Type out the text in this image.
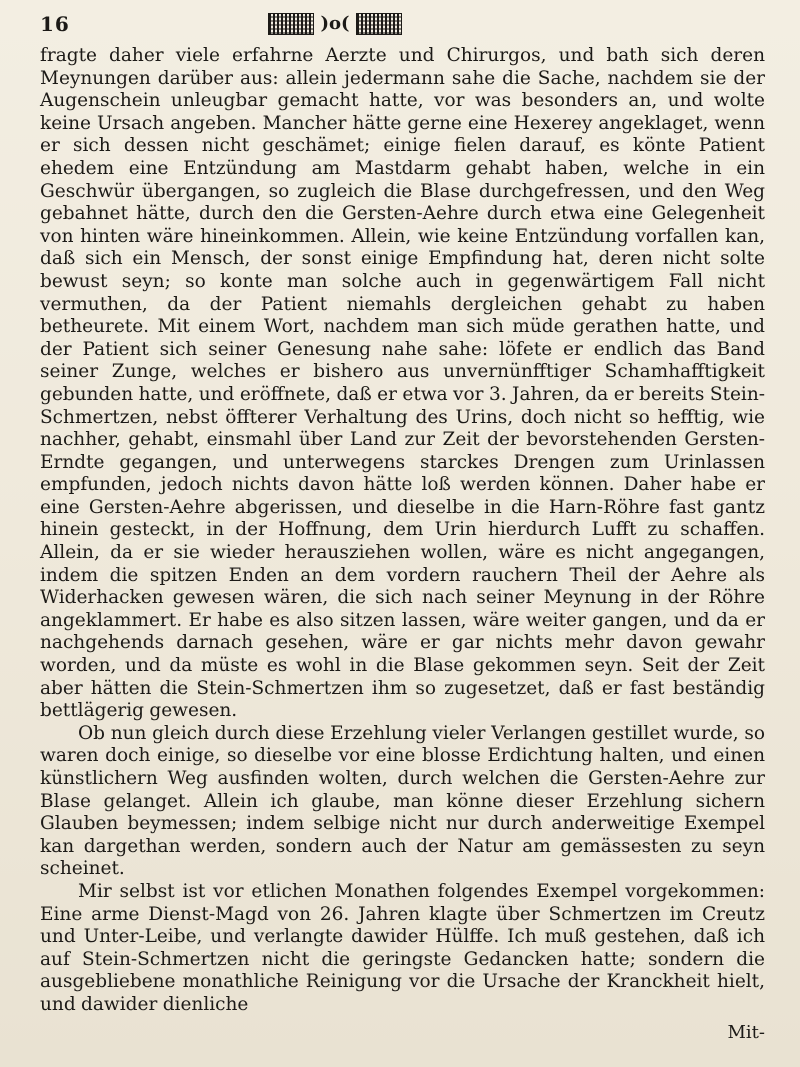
16	)o(

fragte daher viele erfahrne Aerzte und Chirurgos, und bath sich deren Meynungen darüber aus: allein jedermann sahe die Sache, nachdem sie der Augenschein unleugbar gemacht hatte, vor was besonders an, und wolte keine Ursach angeben. Mancher hätte gerne eine Hexerey angeklaget, wenn er sich dessen nicht geschämet; einige fielen darauf, es könte Patient ehedem eine Entzündung am Mastdarm gehabt haben, welche in ein Geschwür übergangen, so zugleich die Blase durchgefressen, und den Weg gebahnet hätte, durch den die Gersten-Aehre durch etwa eine Gelegenheit von hinten wäre hineinkommen. Allein, wie keine Entzündung vorfallen kan, daß sich ein Mensch, der sonst einige Empfindung hat, deren nicht solte bewust seyn; so konte man solche auch in gegenwärtigem Fall nicht vermuthen, da der Patient niemahls dergleichen gehabt zu haben betheurete. Mit einem Wort, nachdem man sich müde gerathen hatte, und der Patient sich seiner Genesung nahe sahe: löfete er endlich das Band seiner Zunge, welches er bishero aus unvernünfftiger Schamhafftigkeit gebunden hatte, und eröffnete, daß er etwa vor 3. Jahren, da er bereits Stein-Schmertzen, nebst öffterer Verhaltung des Urins, doch nicht so hefftig, wie nachher, gehabt, einsmahl über Land zur Zeit der bevorstehenden Gersten-Erndte gegangen, und unterwegens starckes Drengen zum Urinlassen empfunden, jedoch nichts davon hätte loß werden können. Daher habe er eine Gersten-Aehre abgerissen, und dieselbe in die Harn-Röhre fast gantz hinein gesteckt, in der Hoffnung, dem Urin hierdurch Lufft zu schaffen. Allein, da er sie wieder herausziehen wollen, wäre es nicht angegangen, indem die spitzen Enden an dem vordern rauchern Theil der Aehre als Widerhacken gewesen wären, die sich nach seiner Meynung in der Röhre angeklammert. Er habe es also sitzen lassen, wäre weiter gangen, und da er nachgehends darnach gesehen, wäre er gar nichts mehr davon gewahr worden, und da müste es wohl in die Blase gekommen seyn. Seit der Zeit aber hätten die Stein-Schmertzen ihm so zugesetzet, daß er fast beständig bettlägerig gewesen.

Ob nun gleich durch diese Erzehlung vieler Verlangen gestillet wurde, so waren doch einige, so dieselbe vor eine blosse Erdichtung halten, und einen künstlichern Weg ausfinden wolten, durch welchen die Gersten-Aehre zur Blase gelanget. Allein ich glaube, man könne dieser Erzehlung sichern Glauben beymessen; indem selbige nicht nur durch anderweitige Exempel kan dargethan werden, sondern auch der Natur am gemässesten zu seyn scheinet.

Mir selbst ist vor etlichen Monathen folgendes Exempel vorgekommen: Eine arme Dienst-Magd von 26. Jahren klagte über Schmertzen im Creutz und Unter-Leibe, und verlangte dawider Hülffe. Ich muß gestehen, daß ich auf Stein-Schmertzen nicht die geringste Gedancken hatte; sondern die ausgebliebene monathliche Reinigung vor die Ursache der Kranckheit hielt, und dawider dienliche

Mit-
